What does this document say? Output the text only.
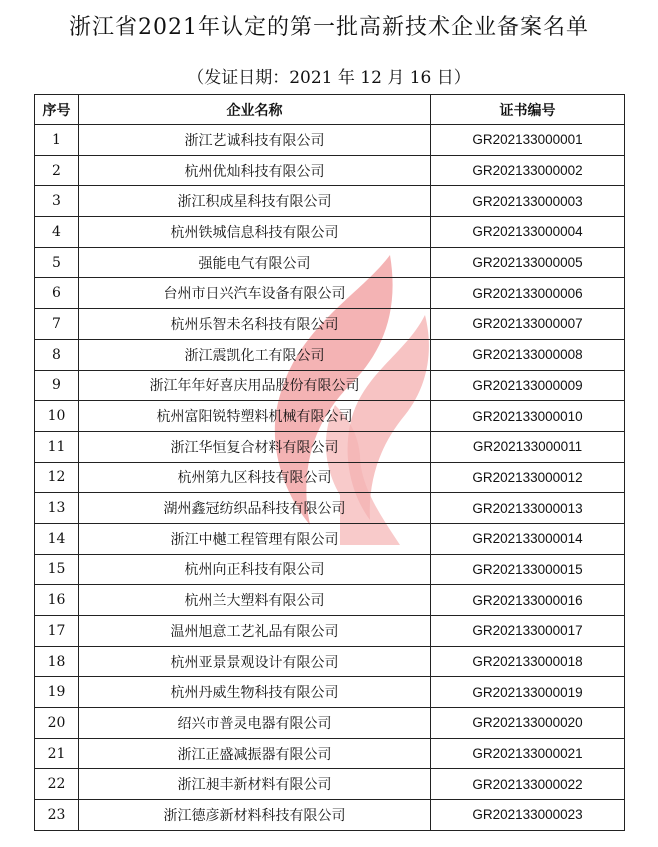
浙江省2021年认定的第一批高新技术企业备案名单
（发证日期：2021 年 12 月 16 日）
序号	企业名称	证书编号
1	浙江艺诚科技有限公司	GR202133000001
2	杭州优灿科技有限公司	GR202133000002
3	浙江积成星科技有限公司	GR202133000003
4	杭州铁城信息科技有限公司	GR202133000004
5	强能电气有限公司	GR202133000005
6	台州市日兴汽车设备有限公司	GR202133000006
7	杭州乐智未名科技有限公司	GR202133000007
8	浙江震凯化工有限公司	GR202133000008
9	浙江年年好喜庆用品股份有限公司	GR202133000009
10	杭州富阳锐特塑料机械有限公司	GR202133000010
11	浙江华恒复合材料有限公司	GR202133000011
12	杭州第九区科技有限公司	GR202133000012
13	湖州鑫冠纺织品科技有限公司	GR202133000013
14	浙江中樾工程管理有限公司	GR202133000014
15	杭州向正科技有限公司	GR202133000015
16	杭州兰大塑料有限公司	GR202133000016
17	温州旭意工艺礼品有限公司	GR202133000017
18	杭州亚景景观设计有限公司	GR202133000018
19	杭州丹威生物科技有限公司	GR202133000019
20	绍兴市普灵电器有限公司	GR202133000020
21	浙江正盛减振器有限公司	GR202133000021
22	浙江昶丰新材料有限公司	GR202133000022
23	浙江德彦新材料科技有限公司	GR202133000023
